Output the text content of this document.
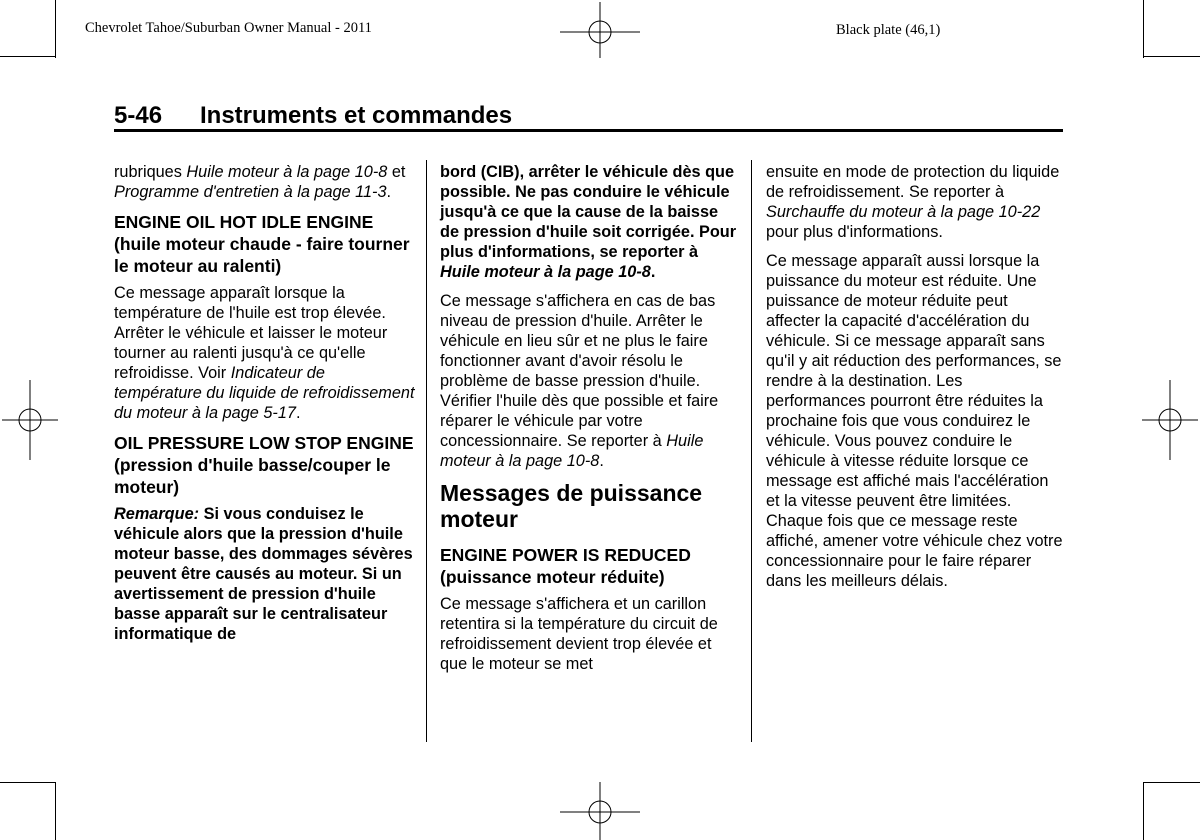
Chevrolet Tahoe/Suburban Owner Manual - 2011	Black plate (46,1)
5-46 Instruments et commandes

rubriques Huile moteur à la page 10-8 et Programme d'entretien à la page 11-3.

ENGINE OIL HOT IDLE ENGINE (huile moteur chaude - faire tourner le moteur au ralenti)

Ce message apparaît lorsque la température de l'huile est trop élevée. Arrêter le véhicule et laisser le moteur tourner au ralenti jusqu'à ce qu'elle refroidisse. Voir Indicateur de température du liquide de refroidissement du moteur à la page 5-17.

OIL PRESSURE LOW STOP ENGINE (pression d'huile basse/couper le moteur)

Remarque: Si vous conduisez le véhicule alors que la pression d'huile moteur basse, des dommages sévères peuvent être causés au moteur. Si un avertissement de pression d'huile basse apparaît sur le centralisateur informatique de

bord (CIB), arrêter le véhicule dès que possible. Ne pas conduire le véhicule jusqu'à ce que la cause de la baisse de pression d'huile soit corrigée. Pour plus d'informations, se reporter à Huile moteur à la page 10-8.

Ce message s'affichera en cas de bas niveau de pression d'huile. Arrêter le véhicule en lieu sûr et ne plus le faire fonctionner avant d'avoir résolu le problème de basse pression d'huile. Vérifier l'huile dès que possible et faire réparer le véhicule par votre concessionnaire. Se reporter à Huile moteur à la page 10-8.

Messages de puissance moteur
ENGINE POWER IS REDUCED (puissance moteur réduite)

Ce message s'affichera et un carillon retentira si la température du circuit de refroidissement devient trop élevée et que le moteur se met

ensuite en mode de protection du liquide de refroidissement. Se reporter à Surchauffe du moteur à la page 10-22 pour plus d'informations.

Ce message apparaît aussi lorsque la puissance du moteur est réduite. Une puissance de moteur réduite peut affecter la capacité d'accélération du véhicule. Si ce message apparaît sans qu'il y ait réduction des performances, se rendre à la destination. Les performances pourront être réduites la prochaine fois que vous conduirez le véhicule. Vous pouvez conduire le véhicule à vitesse réduite lorsque ce message est affiché mais l'accélération et la vitesse peuvent être limitées. Chaque fois que ce message reste affiché, amener votre véhicule chez votre concessionnaire pour le faire réparer dans les meilleurs délais.
